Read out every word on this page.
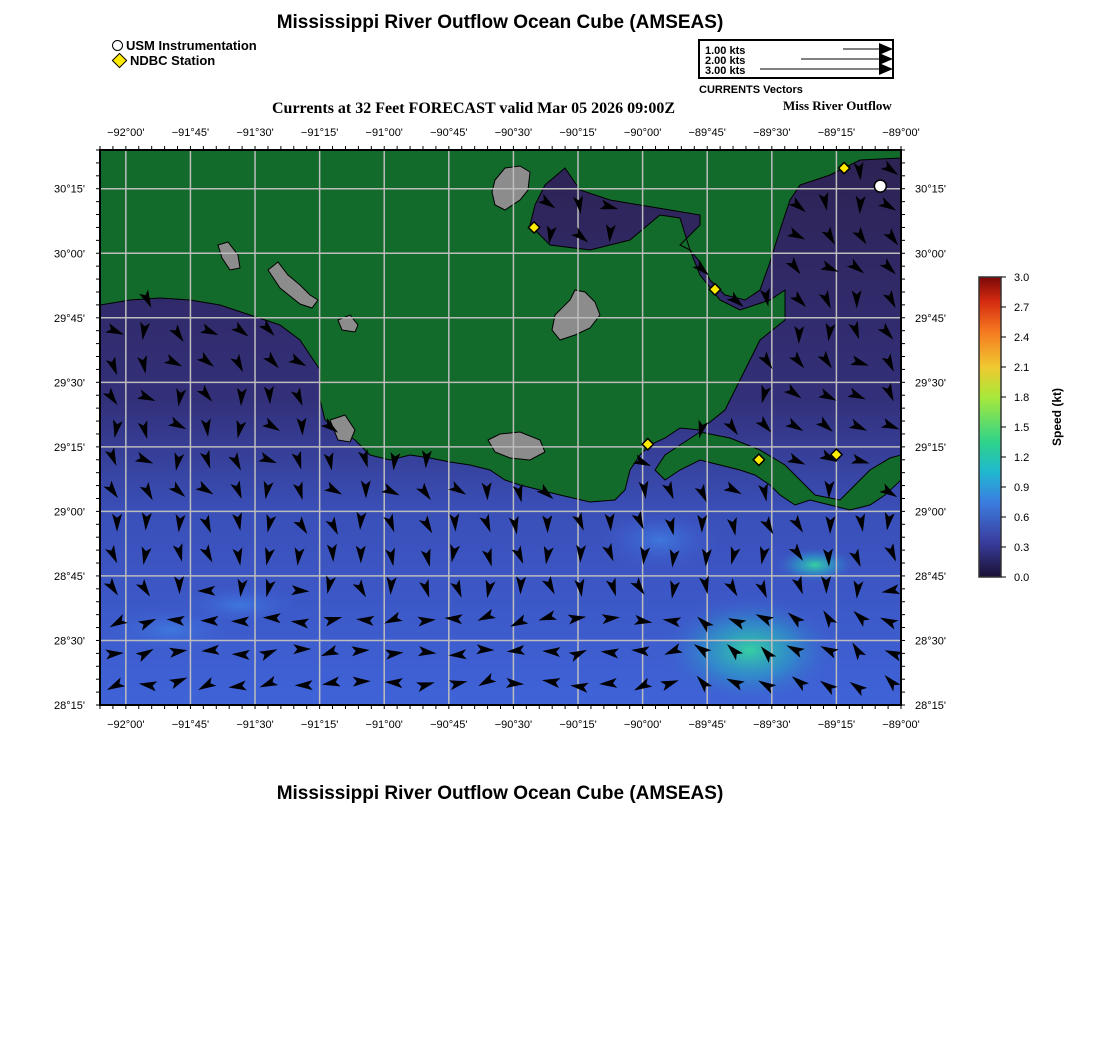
−92°00'
−92°00'
−91°45'
−91°45'
−91°30'
−91°30'
−91°15'
−91°15'
−91°00'
−91°00'
−90°45'
−90°45'
−90°30'
−90°30'
−90°15'
−90°15'
−90°00'
−90°00'
−89°45'
−89°45'
−89°30'
−89°30'
−89°15'
−89°15'
−89°00'
−89°00'
30°15'	30°15'
30°00'	30°00'
29°45'	29°45'
29°30'	29°30'
29°15'	29°15'
29°00'	29°00'
28°45'	28°45'
28°30'	28°30'
28°15'	28°15'
3.0
2.7
2.4
2.1
1.8
1.5
1.2
0.9
0.6
0.3
0.0
Mississippi River Outflow Ocean Cube (AMSEAS)
USM Instrumentation
NDBC Station
1.00 kts
2.00 kts
3.00 kts
CURRENTS Vectors
Currents at 32 Feet FORECAST valid Mar 05 2026 09:00Z	Miss River Outflow
Speed (kt)
Mississippi River Outflow Ocean Cube (AMSEAS)
